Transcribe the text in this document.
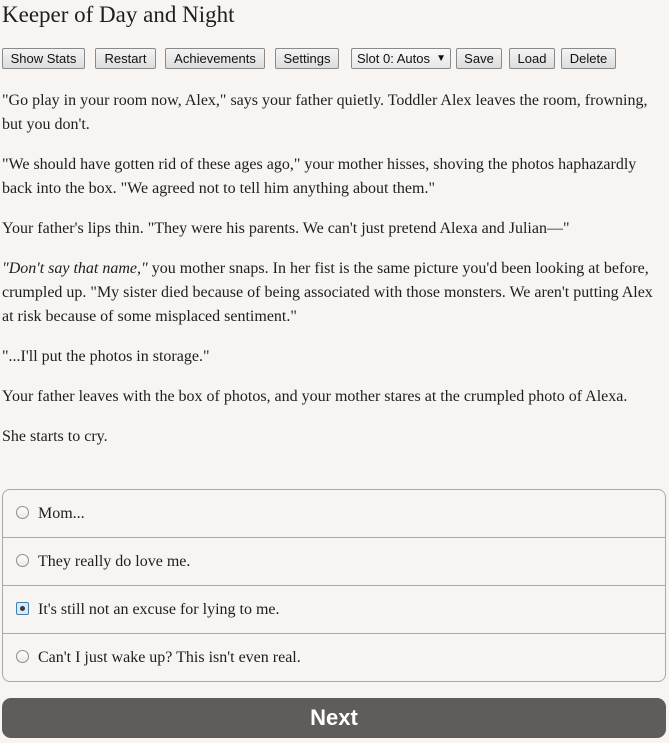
Keeper of Day and Night
Show Stats	Restart	Achievements	Settings	Slot 0: Autos ▼	Save	Load	Delete

"Go play in your room now, Alex," says your father quietly. Toddler Alex leaves the room, frowning, but you don't.

"We should have gotten rid of these ages ago," your mother hisses, shoving the photos haphazardly back into the box. "We agreed not to tell him anything about them."

Your father's lips thin. "They were his parents. We can't just pretend Alexa and Julian—"

"Don't say that name," you mother snaps. In her fist is the same picture you'd been looking at before, crumpled up. "My sister died because of being associated with those monsters. We aren't putting Alex at risk because of some misplaced sentiment."

"...I'll put the photos in storage."

Your father leaves with the box of photos, and your mother stares at the crumpled photo of Alexa.

She starts to cry.

Mom...
They really do love me.
It's still not an excuse for lying to me.
Can't I just wake up? This isn't even real.
Next
